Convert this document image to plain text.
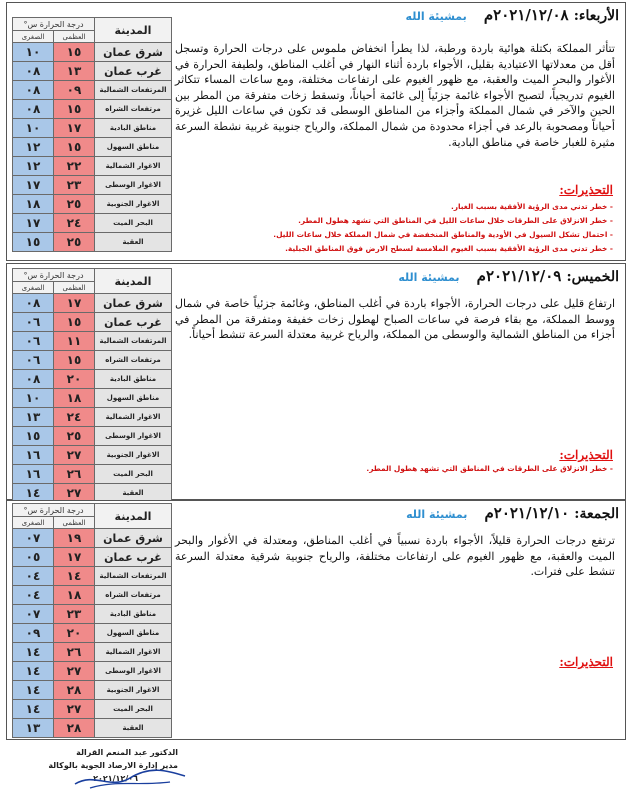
الأربعاء: ٢٠٢١/١٢/٠٨م بمشيئة الله
تتأثر المملكة بكتلة هوائية باردة ورطبة، لذا يطرأ انخفاض ملموس على درجات الحرارة وتسجل أقل من معدلاتها الاعتيادية بقليل، الأجواء باردة أثناء النهار في أغلب المناطق، ولطيفة الحرارة في الأغوار والبحر الميت والعقبة، مع ظهور الغيوم على ارتفاعات مختلفة، ومع ساعات المساء تتكاثر الغيوم تدريجياً، لتصبح الأجواء غائمة جزئياً إلى غائمة أحياناً، وتسقط زخات متفرقة من المطر بين الحين والآخر في شمال المملكة وأجزاء من المناطق الوسطى قد تكون في ساعات الليل غزيرة أحياناً ومصحوبة بالرعد في أجزاء محدودة من شمال المملكة، والرياح جنوبية غربية نشطة السرعة مثيرة للغبار خاصة في مناطق البادية.
التحذيرات:
- خطر تدني مدى الرؤية الأفقية بسبب الغبار.
- خطر الانزلاق على الطرقات خلال ساعات الليل في المناطق التي تشهد هطول المطر.
- احتمال تشكل السيول في الأودية والمناطق المنخفضة في شمال المملكة خلال ساعات الليل.
- خطر تدني مدى الرؤية الأفقية بسبب الغيوم الملامسة لسطح الارض فوق المناطق الجبلية.
المدينة	درجة الحرارة س°	
	العظمى	الصغرى
شرق عمان	١٥	١٠
غرب عمان	١٣	٠٨
المرتفعات الشمالية	٠٩	٠٨
مرتفعات الشراه	١٥	٠٨
مناطق البادية	١٧	١٠
مناطق السهول	١٥	١٢
الاغوار الشمالية	٢٢	١٢
الاغوار الوسطى	٢٣	١٧
الاغوار الجنوبية	٢٥	١٨
البحر الميت	٢٤	١٧
العقبة	٢٥	١٥
الخميس: ٢٠٢١/١٢/٠٩م بمشيئة الله
ارتفاع قليل على درجات الحرارة، الأجواء باردة في أغلب المناطق، وغائمة جزئياً خاصة في شمال ووسط المملكة، مع بقاء فرصة في ساعات الصباح لهطول زخات خفيفة ومتفرقة من المطر في أجزاء من المناطق الشمالية والوسطى من المملكة، والرياح غربية معتدلة السرعة تنشط أحياناً.
التحذيرات:
- خطر الانزلاق على الطرقات في المناطق التي تشهد هطول المطر.
المدينة	درجة الحرارة س°	
	العظمى	الصغرى
شرق عمان	١٧	٠٨
غرب عمان	١٥	٠٦
المرتفعات الشمالية	١١	٠٦
مرتفعات الشراه	١٥	٠٦
مناطق البادية	٢٠	٠٨
مناطق السهول	١٨	١٠
الاغوار الشمالية	٢٤	١٣
الاغوار الوسطى	٢٥	١٥
الاغوار الجنوبية	٢٧	١٦
البحر الميت	٢٦	١٦
العقبة	٢٧	١٤
الجمعة: ٢٠٢١/١٢/١٠م بمشيئة الله
ترتفع درجات الحرارة قليلاً، الأجواء باردة نسبياً في أغلب المناطق، ومعتدلة في الأغوار والبحر الميت والعقبة، مع ظهور الغيوم على ارتفاعات مختلفة، والرياح جنوبية شرقية معتدلة السرعة تنشط على فترات.
التحذيرات:
المدينة	درجة الحرارة س°	
	العظمى	الصغرى
شرق عمان	١٩	٠٧
غرب عمان	١٧	٠٥
المرتفعات الشمالية	١٤	٠٤
مرتفعات الشراه	١٨	٠٤
مناطق البادية	٢٣	٠٧
مناطق السهول	٢٠	٠٩
الاغوار الشمالية	٢٦	١٤
الاغوار الوسطى	٢٧	١٤
الاغوار الجنوبية	٢٨	١٤
البحر الميت	٢٧	١٤
العقبة	٢٨	١٣
الدكتور عبد المنعم القرالة
مدير إدارة الارصاد الجوية بالوكالة
٢٠٢١/١٢/٠٦
